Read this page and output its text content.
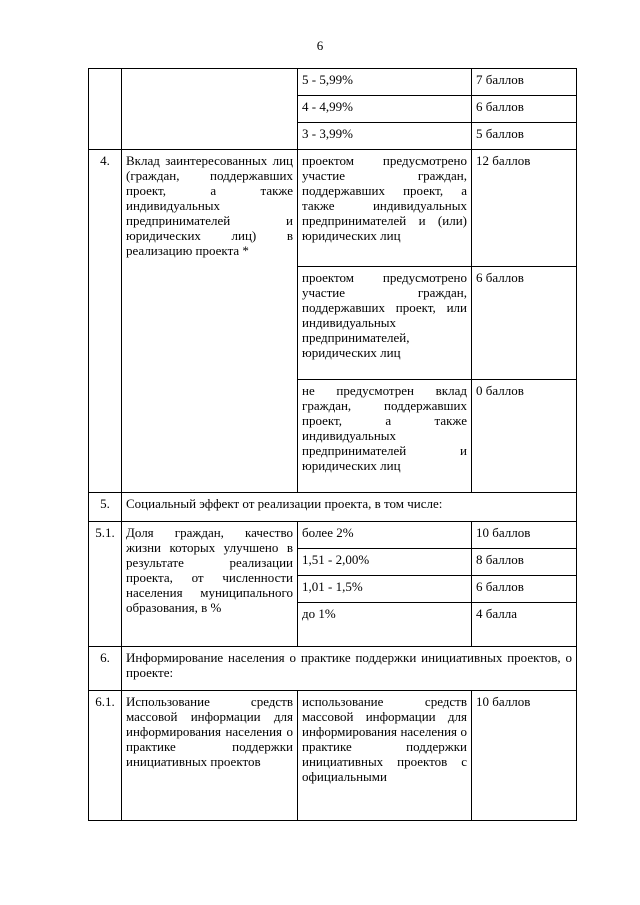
6
		5 - 5,99%	7 баллов
		4 - 4,99%	6 баллов
		3 - 3,99%	5 баллов
4.	Вклад заинтересованных лиц (граждан, поддержавших проект, а также индивидуальных предпринимателей и юридических лиц) в реализацию проекта *	проектом предусмотрено участие граждан, поддержавших проект, а также индивидуальных предпринимателей и (или) юридических лиц	12 баллов
		проектом предусмотрено участие граждан, поддержавших проект, или индивидуальных предпринимателей, юридических лиц	6 баллов
		не предусмотрен вклад граждан, поддержавших проект, а также индивидуальных предпринимателей и юридических лиц	0 баллов
5.	Социальный эффект от реализации проекта, в том числе:		
5.1.	Доля граждан, качество жизни которых улучшено в результате реализации проекта, от численности населения муниципального образования, в %	более 2%	10 баллов
		1,51 - 2,00%	8 баллов
		1,01 - 1,5%	6 баллов
		до 1%	4 балла
6.	Информирование населения о практике поддержки инициативных проектов, о проекте:		
6.1.	Использование средств массовой информации для информирования населения о практике поддержки инициативных проектов	использование средств массовой информации для информирования населения о практике поддержки инициативных проектов с официальными	10 баллов
